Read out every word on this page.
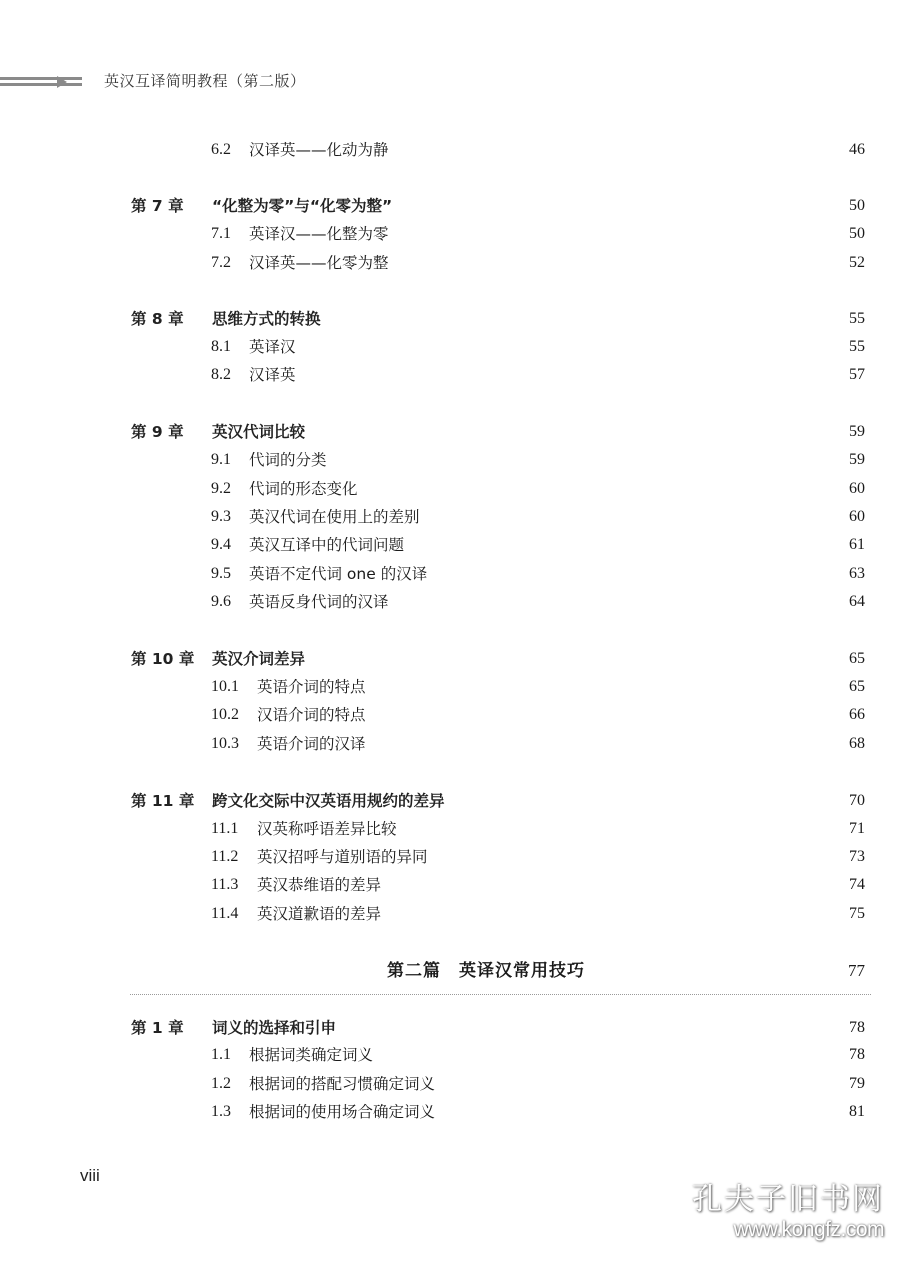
英汉互译简明教程（第二版）
6.2 汉译英——化动为静	46
第 7 章 “化整为零”与“化零为整”	50
7.1 英译汉——化整为零	50
7.2 汉译英——化零为整	52
第 8 章 思维方式的转换	55
8.1 英译汉	55
8.2 汉译英	57
第 9 章 英汉代词比较	59
9.1 代词的分类	59
9.2 代词的形态变化	60
9.3 英汉代词在使用上的差别	60
9.4 英汉互译中的代词问题	61
9.5 英语不定代词 one 的汉译	63
9.6 英语反身代词的汉译	64
第 10 章 英汉介词差异	65
10.1 英语介词的特点	65
10.2 汉语介词的特点	66
10.3 英语介词的汉译	68
第 11 章 跨文化交际中汉英语用规约的差异	70
11.1 汉英称呼语差异比较	71
11.2 英汉招呼与道别语的异同	73
11.3 英汉恭维语的差异	74
11.4 英汉道歉语的差异	75
第二篇　英译汉常用技巧	77
第 1 章 词义的选择和引申	78
1.1 根据词类确定词义	78
1.2 根据词的搭配习惯确定词义	79
1.3 根据词的使用场合确定词义	81
viii
孔夫子旧书网
www.kongfz.com
